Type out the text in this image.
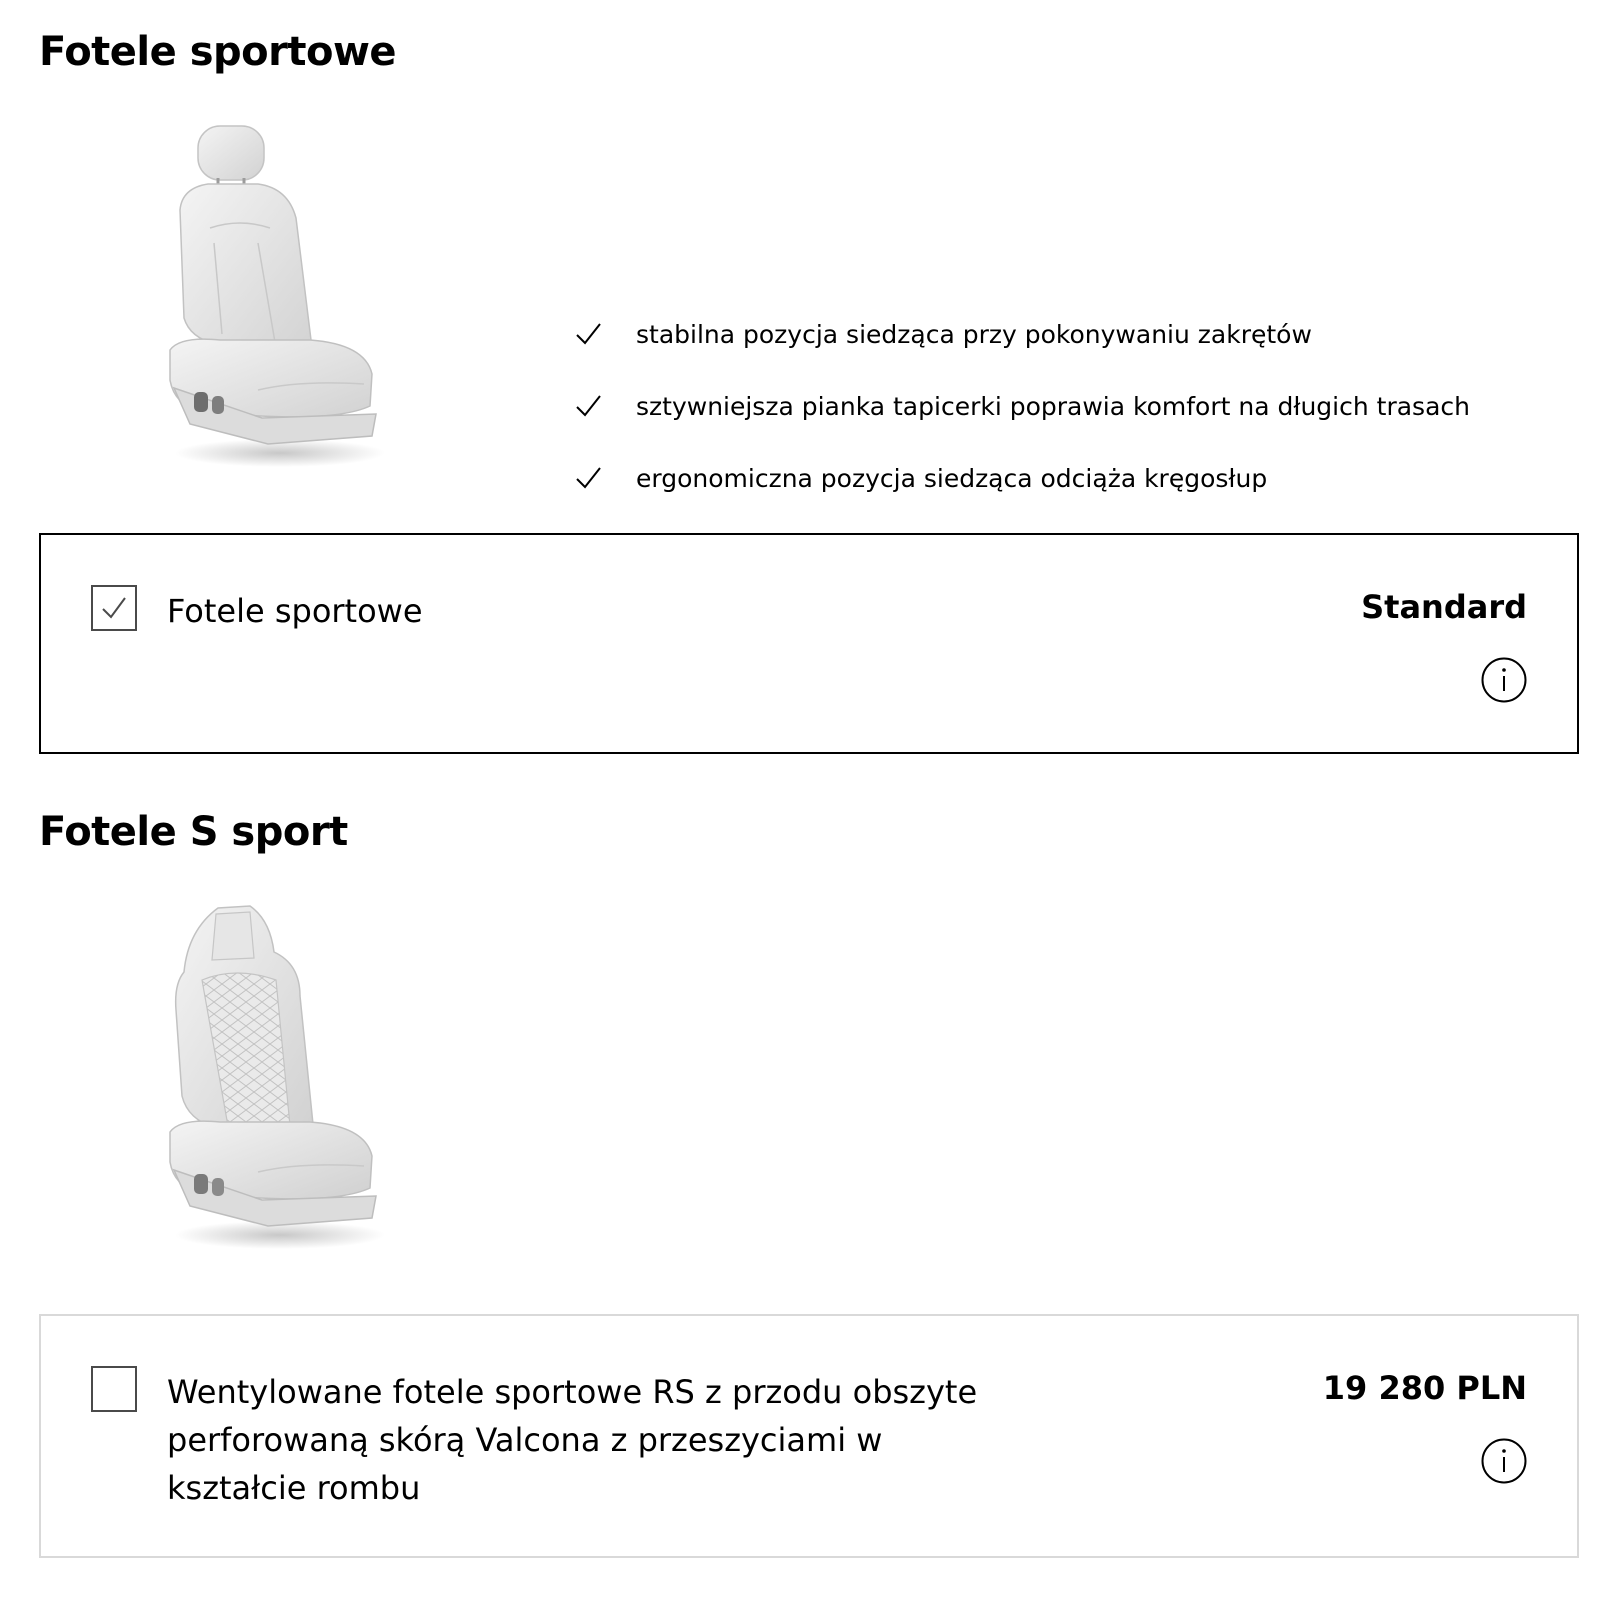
Fotele sportowe
stabilna pozycja siedząca przy pokonywaniu zakrętów
sztywniejsza pianka tapicerki poprawia komfort na długich trasach
ergonomiczna pozycja siedząca odciąża kręgosłup
Fotele sportowe	Standard
Fotele S sport
Wentylowane fotele sportowe RS z przodu obszyte perforowaną skórą Valcona z przeszyciami w kształcie rombu
19 280 PLN
